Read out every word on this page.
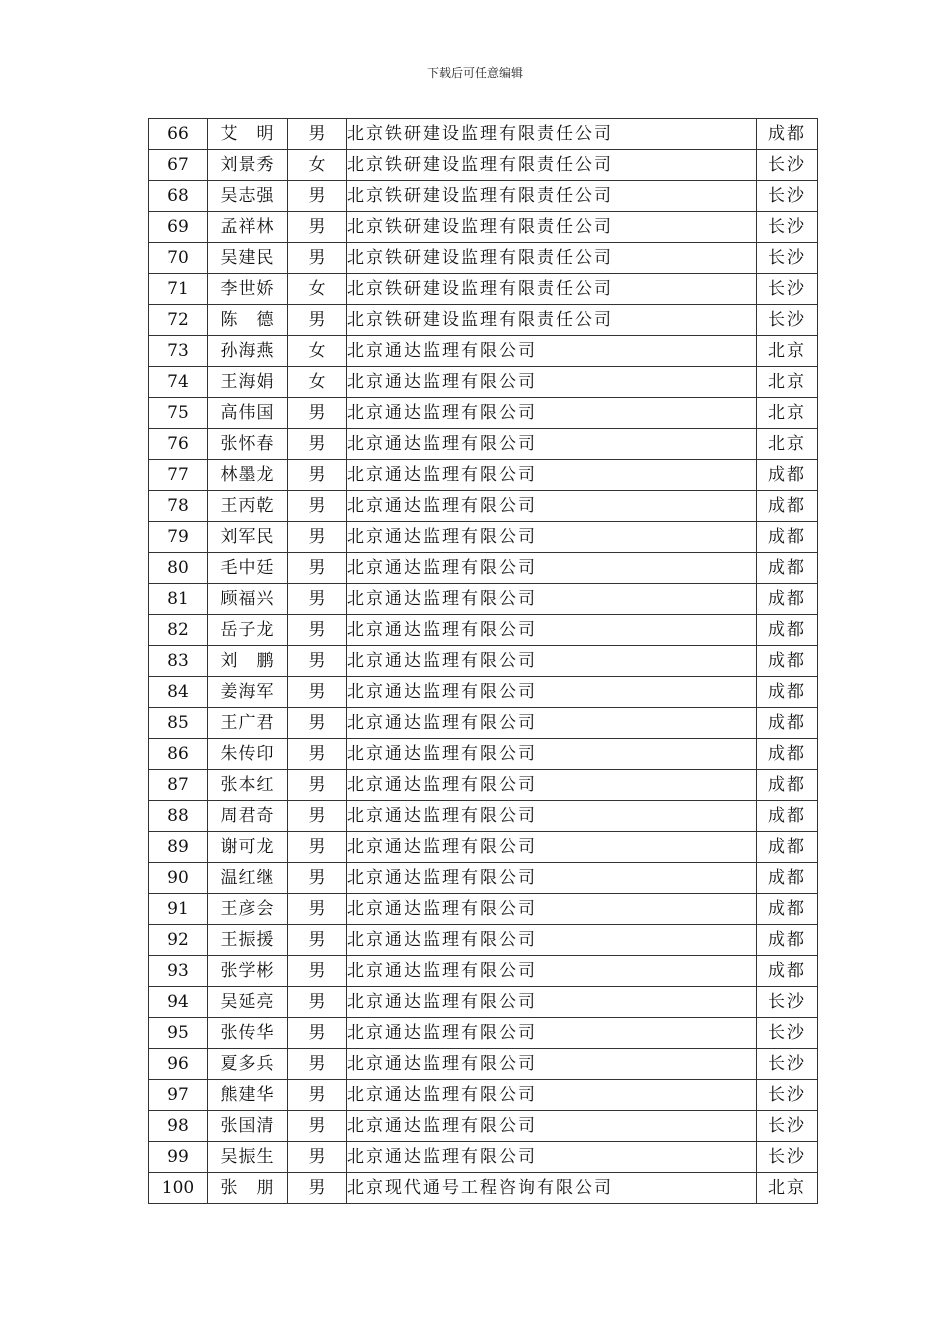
下载后可任意编辑
66	艾　明	男	北京铁研建设监理有限责任公司	成都
67	刘景秀	女	北京铁研建设监理有限责任公司	长沙
68	吴志强	男	北京铁研建设监理有限责任公司	长沙
69	孟祥林	男	北京铁研建设监理有限责任公司	长沙
70	吴建民	男	北京铁研建设监理有限责任公司	长沙
71	李世娇	女	北京铁研建设监理有限责任公司	长沙
72	陈　德	男	北京铁研建设监理有限责任公司	长沙
73	孙海燕	女	北京通达监理有限公司	北京
74	王海娟	女	北京通达监理有限公司	北京
75	高伟国	男	北京通达监理有限公司	北京
76	张怀春	男	北京通达监理有限公司	北京
77	林墨龙	男	北京通达监理有限公司	成都
78	王丙乾	男	北京通达监理有限公司	成都
79	刘军民	男	北京通达监理有限公司	成都
80	毛中廷	男	北京通达监理有限公司	成都
81	顾福兴	男	北京通达监理有限公司	成都
82	岳子龙	男	北京通达监理有限公司	成都
83	刘　鹏	男	北京通达监理有限公司	成都
84	姜海军	男	北京通达监理有限公司	成都
85	王广君	男	北京通达监理有限公司	成都
86	朱传印	男	北京通达监理有限公司	成都
87	张本红	男	北京通达监理有限公司	成都
88	周君奇	男	北京通达监理有限公司	成都
89	谢可龙	男	北京通达监理有限公司	成都
90	温红继	男	北京通达监理有限公司	成都
91	王彦会	男	北京通达监理有限公司	成都
92	王振援	男	北京通达监理有限公司	成都
93	张学彬	男	北京通达监理有限公司	成都
94	吴延亮	男	北京通达监理有限公司	长沙
95	张传华	男	北京通达监理有限公司	长沙
96	夏多兵	男	北京通达监理有限公司	长沙
97	熊建华	男	北京通达监理有限公司	长沙
98	张国清	男	北京通达监理有限公司	长沙
99	吴振生	男	北京通达监理有限公司	长沙
100	张　朋	男	北京现代通号工程咨询有限公司	北京
